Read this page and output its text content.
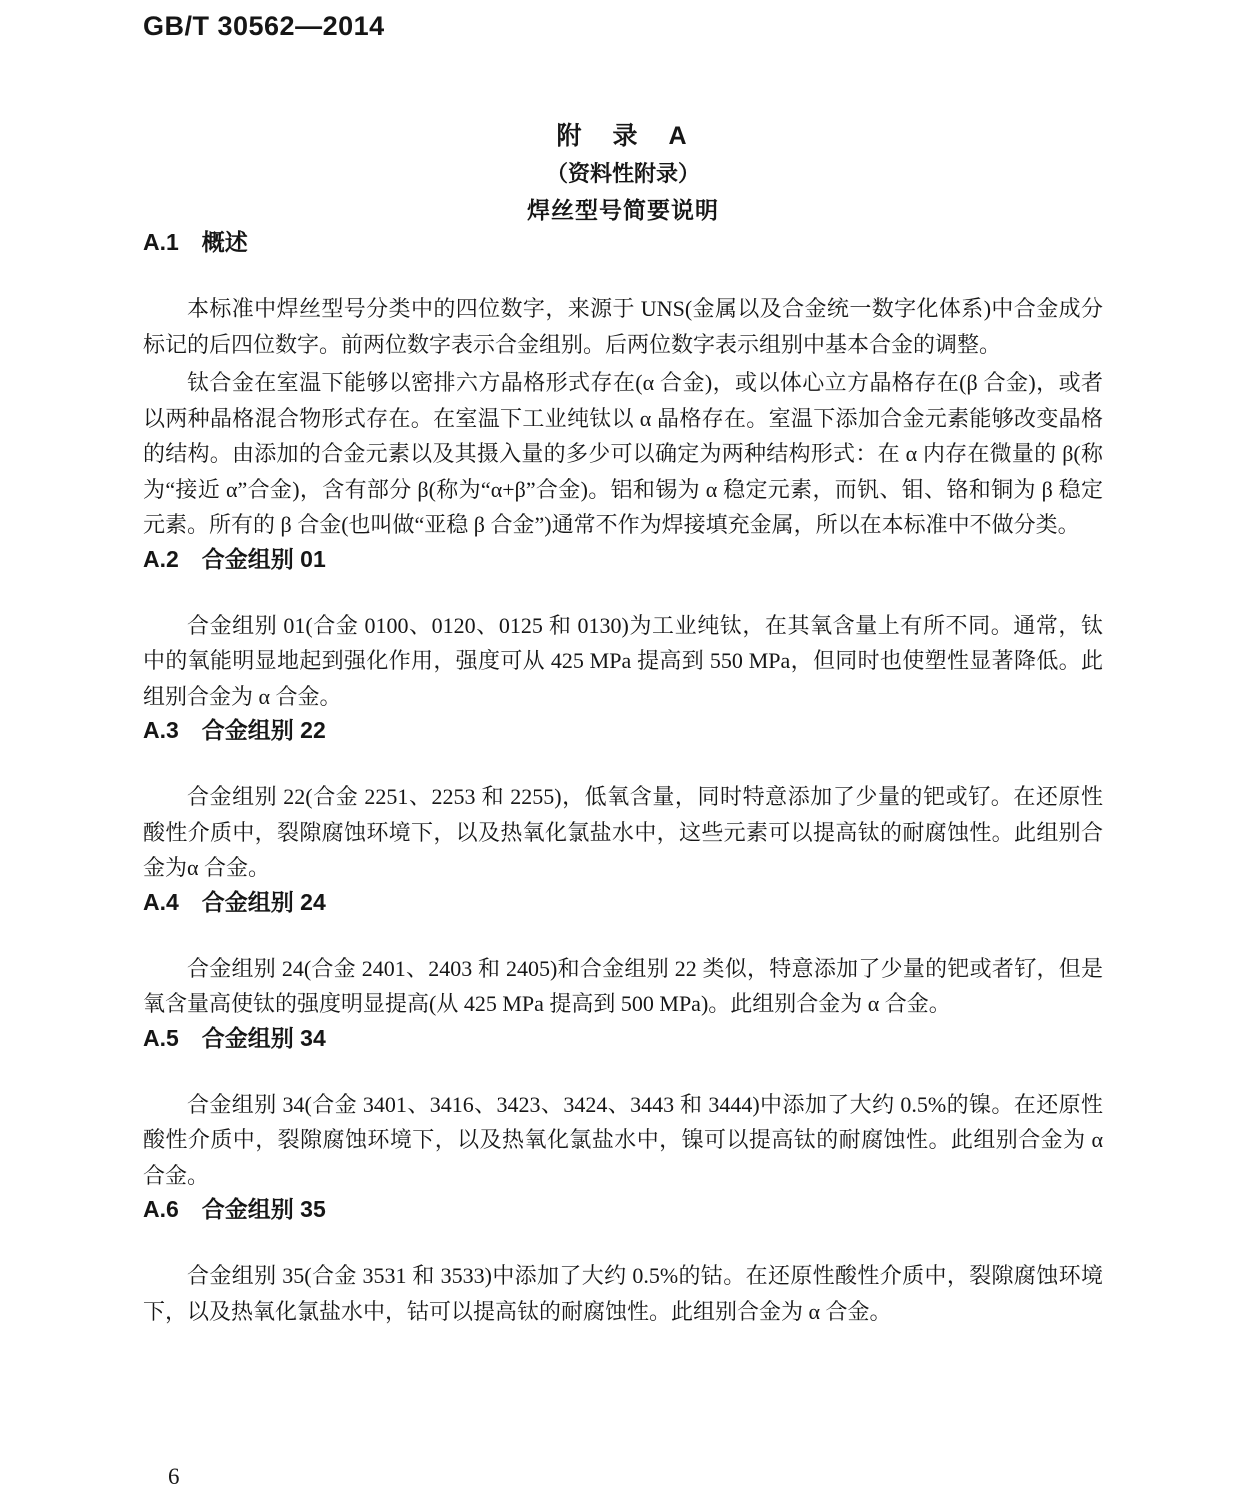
GB/T 30562—2014
附　录　A
（资料性附录）
焊丝型号简要说明
A.1　概述

本标准中焊丝型号分类中的四位数字，来源于 UNS(金属以及合金统一数字化体系)中合金成分标记的后四位数字。前两位数字表示合金组别。后两位数字表示组别中基本合金的调整。

钛合金在室温下能够以密排六方晶格形式存在(α 合金)，或以体心立方晶格存在(β 合金)，或者以两种晶格混合物形式存在。在室温下工业纯钛以 α 晶格存在。室温下添加合金元素能够改变晶格的结构。由添加的合金元素以及其摄入量的多少可以确定为两种结构形式：在 α 内存在微量的 β(称为“接近 α”合金)，含有部分 β(称为“α+β”合金)。铝和锡为 α 稳定元素，而钒、钼、铬和铜为 β 稳定元素。所有的 β 合金(也叫做“亚稳 β 合金”)通常不作为焊接填充金属，所以在本标准中不做分类。

A.2　合金组别 01

合金组别 01(合金 0100、0120、0125 和 0130)为工业纯钛，在其氧含量上有所不同。通常，钛中的氧能明显地起到强化作用，强度可从 425 MPa 提高到 550 MPa，但同时也使塑性显著降低。此组别合金为 α 合金。

A.3　合金组别 22

合金组别 22(合金 2251、2253 和 2255)，低氧含量，同时特意添加了少量的钯或钌。在还原性酸性介质中，裂隙腐蚀环境下，以及热氧化氯盐水中，这些元素可以提高钛的耐腐蚀性。此组别合金为α 合金。

A.4　合金组别 24

合金组别 24(合金 2401、2403 和 2405)和合金组别 22 类似，特意添加了少量的钯或者钌，但是氧含量高使钛的强度明显提高(从 425 MPa 提高到 500 MPa)。此组别合金为 α 合金。

A.5　合金组别 34

合金组别 34(合金 3401、3416、3423、3424、3443 和 3444)中添加了大约 0.5%的镍。在还原性酸性介质中，裂隙腐蚀环境下，以及热氧化氯盐水中，镍可以提高钛的耐腐蚀性。此组别合金为 α 合金。

A.6　合金组别 35

合金组别 35(合金 3531 和 3533)中添加了大约 0.5%的钴。在还原性酸性介质中，裂隙腐蚀环境下，以及热氧化氯盐水中，钴可以提高钛的耐腐蚀性。此组别合金为 α 合金。

6
